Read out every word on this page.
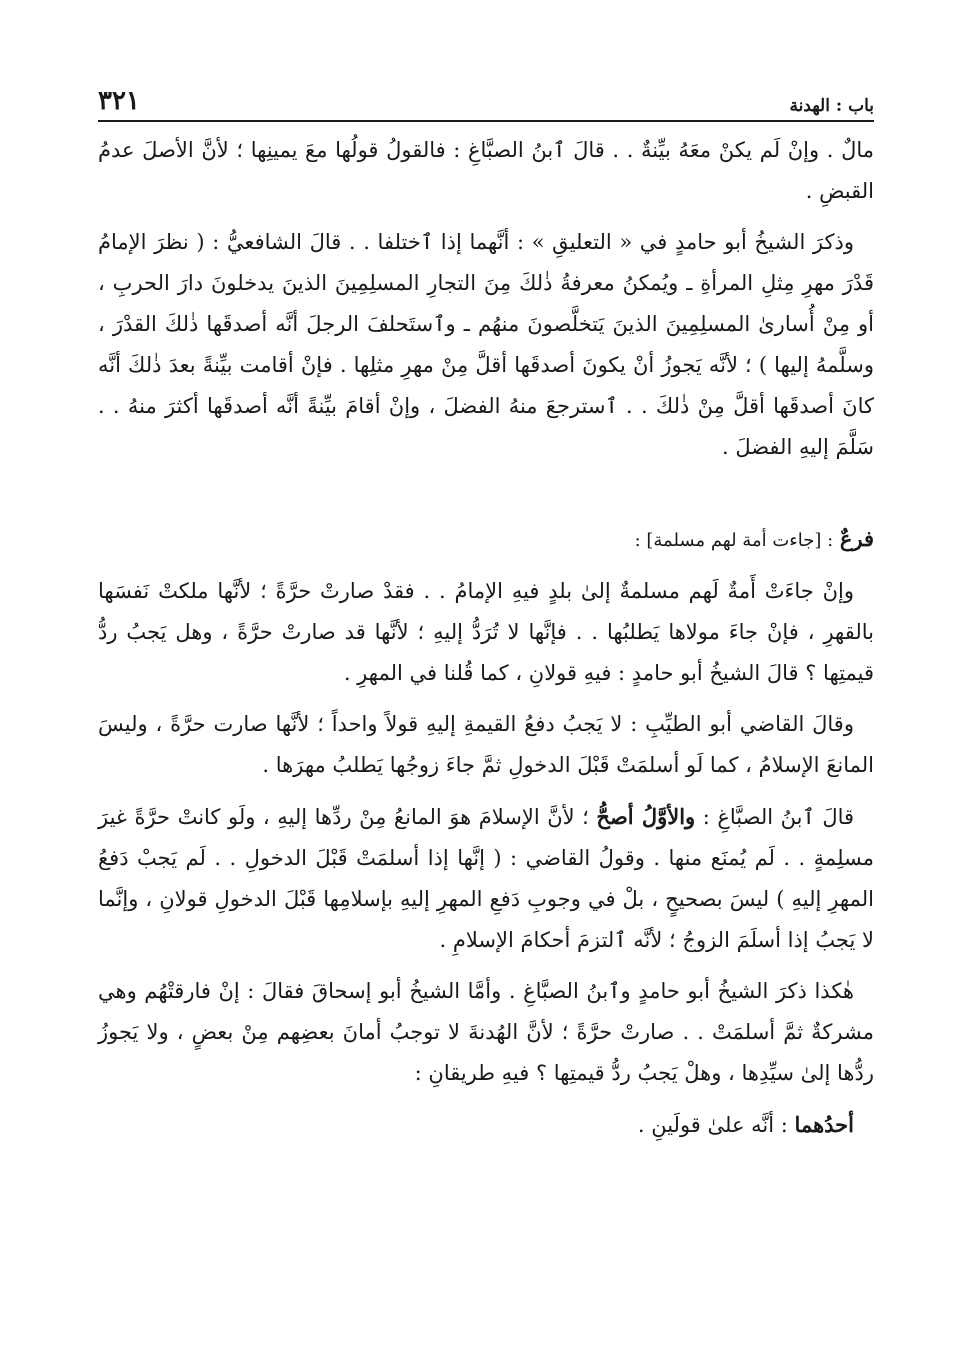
باب : الهدنة
٣٢١

مالٌ . وإنْ لَم يكنْ معَهُ بيِّنةٌ . . قالَ ٱبنُ الصبَّاغِ : فالقولُ قولُها معَ يمينِها ؛ لأنَّ الأصلَ عدمُ القبضِ .

وذكرَ الشيخُ أبو حامدٍ في « التعليقِ » : أنَّهما إذا ٱختلفا . . قالَ الشافعيُّ : ( نظرَ الإمامُ قَدْرَ مهرِ مِثلِ المرأةِ ـ ويُمكنُ معرفةُ ذٰلكَ مِنَ التجارِ المسلِمِينَ الذينَ يدخلونَ دارَ الحربِ ، أو مِنْ أُسارىٰ المسلِمِينَ الذينَ يَتخلَّصونَ منهُم ـ وٱستَحلفَ الرجلَ أنَّه أصدقَها ذٰلكَ القدْرَ ، وسلَّمهُ إليها ) ؛ لأنَّه يَجوزُ أنْ يكونَ أصدقَها أقلَّ مِنْ مهرِ مثلِها . فإنْ أقامت بيِّنةً بعدَ ذٰلكَ أنَّه كانَ أصدقَها أقلَّ مِنْ ذٰلكَ . . ٱسترجعَ منهُ الفضلَ ، وإنْ أقامَ بيِّنةً أنَّه أصدقَها أكثرَ منهُ . . سَلَّمَ إليهِ الفضلَ .

فرعٌ : [جاءت أمة لهم مسلمة] :

وإنْ جاءَتْ أَمةٌ لَهم مسلمةٌ إلىٰ بلدٍ فيهِ الإمامُ . . فقدْ صارتْ حرَّةً ؛ لأنَّها ملكتْ نَفسَها بالقهرِ ، فإنْ جاءَ مولاها يَطلبُها . . فإنَّها لا تُرَدُّ إليهِ ؛ لأنَّها قد صارتْ حرَّةً ، وهل يَجبُ ردُّ قيمتِها ؟ قالَ الشيخُ أبو حامدٍ : فيهِ قولانِ ، كما قُلنا في المهرِ .

وقالَ القاضي أبو الطيِّبِ : لا يَجبُ دفعُ القيمةِ إليهِ قولاً واحداً ؛ لأنَّها صارت حرَّةً ، وليسَ المانعَ الإسلامُ ، كما لَو أسلمَتْ قَبْلَ الدخولِ ثمَّ جاءَ زوجُها يَطلبُ مهرَها .

قالَ ٱبنُ الصبَّاغِ : والأوَّلُ أصحُّ ؛ لأنَّ الإسلامَ هوَ المانعُ مِنْ ردِّها إليهِ ، ولَو كانتْ حرَّةً غيرَ مسلِمةٍ . . لَم يُمنَع منها . وقولُ القاضي : ( إنَّها إذا أسلمَتْ قَبْلَ الدخولِ . . لَم يَجبْ دَفعُ المهرِ إليهِ ) ليسَ بصحيحٍ ، بلْ في وجوبِ دَفعِ المهرِ إليهِ بإسلامِها قَبْلَ الدخولِ قولانِ ، وإنَّما لا يَجبُ إذا أسلَمَ الزوجُ ؛ لأنَّه ٱلتزمَ أحكامَ الإسلامِ .

هٰكذا ذكرَ الشيخُ أبو حامدٍ وٱبنُ الصبَّاغِ . وأمَّا الشيخُ أبو إسحاقَ فقالَ : إنْ فارقتْهُم وهي مشركةٌ ثمَّ أسلمَتْ . . صارتْ حرَّةً ؛ لأنَّ الهُدنةَ لا توجبُ أمانَ بعضِهم مِنْ بعضٍ ، ولا يَجوزُ ردُّها إلىٰ سيِّدِها ، وهلْ يَجبُ ردُّ قيمتِها ؟ فيهِ طريقانِ :

أحدُهما : أنَّه علىٰ قولَينِ .
